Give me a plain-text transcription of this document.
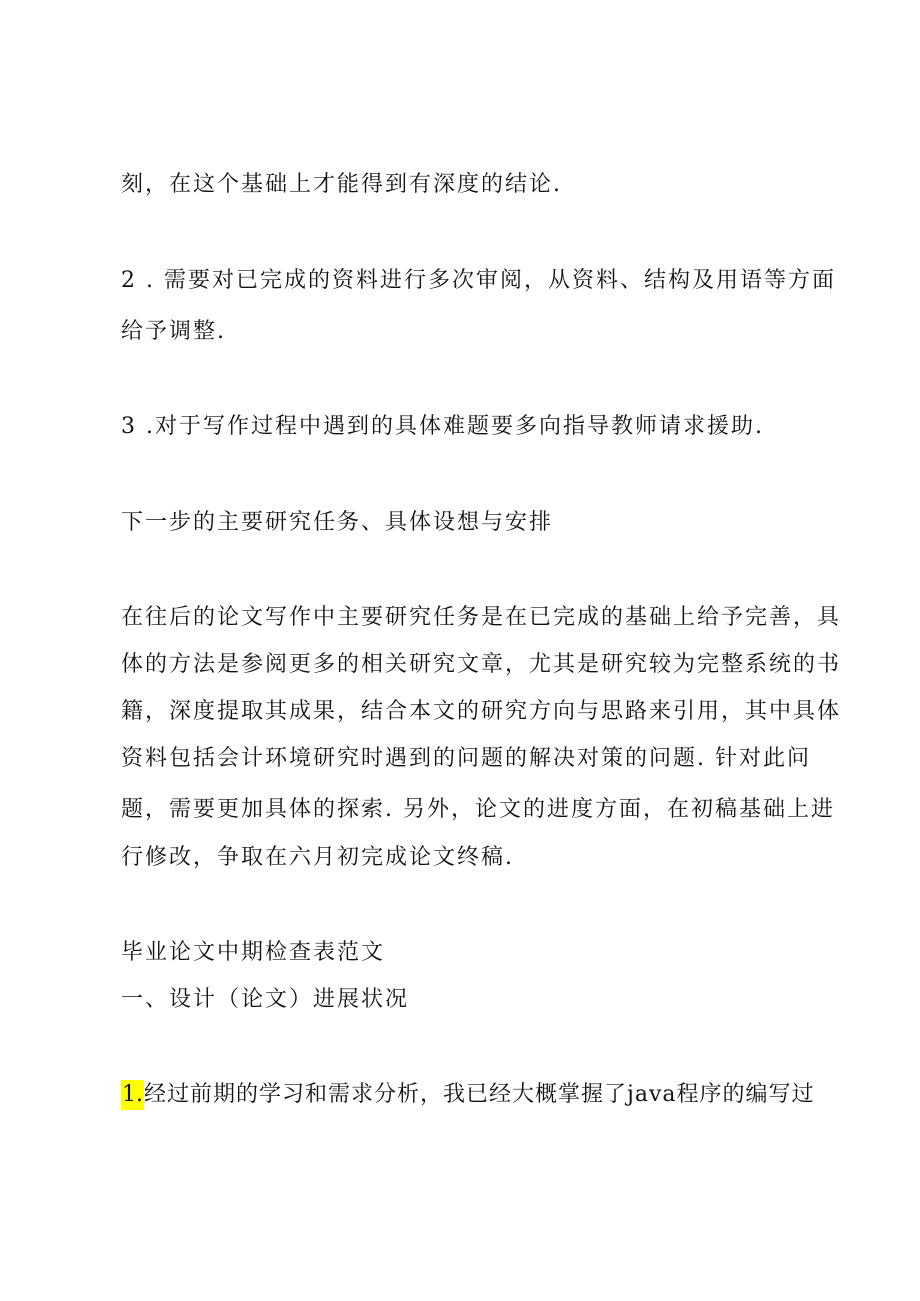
刻，在这个基础上才能得到有深度的结论.
2 . 需要对已完成的资料进行多次审阅，从资料、结构及用语等方面
给予调整.
3 .对于写作过程中遇到的具体难题要多向指导教师请求援助.
下一步的主要研究任务、具体设想与安排
在往后的论文写作中主要研究任务是在已完成的基础上给予完善，具
体的方法是参阅更多的相关研究文章，尤其是研究较为完整系统的书
籍，深度提取其成果，结合本文的研究方向与思路来引用，其中具体
资料包括会计环境研究时遇到的问题的解决对策的问题. 针对此问
题，需要更加具体的探索. 另外，论文的进度方面，在初稿基础上进
行修改，争取在六月初完成论文终稿.
毕业论文中期检查表范文
一、设计（论文）进展状况
1.经过前期的学习和需求分析，我已经大概掌握了java程序的编写过
